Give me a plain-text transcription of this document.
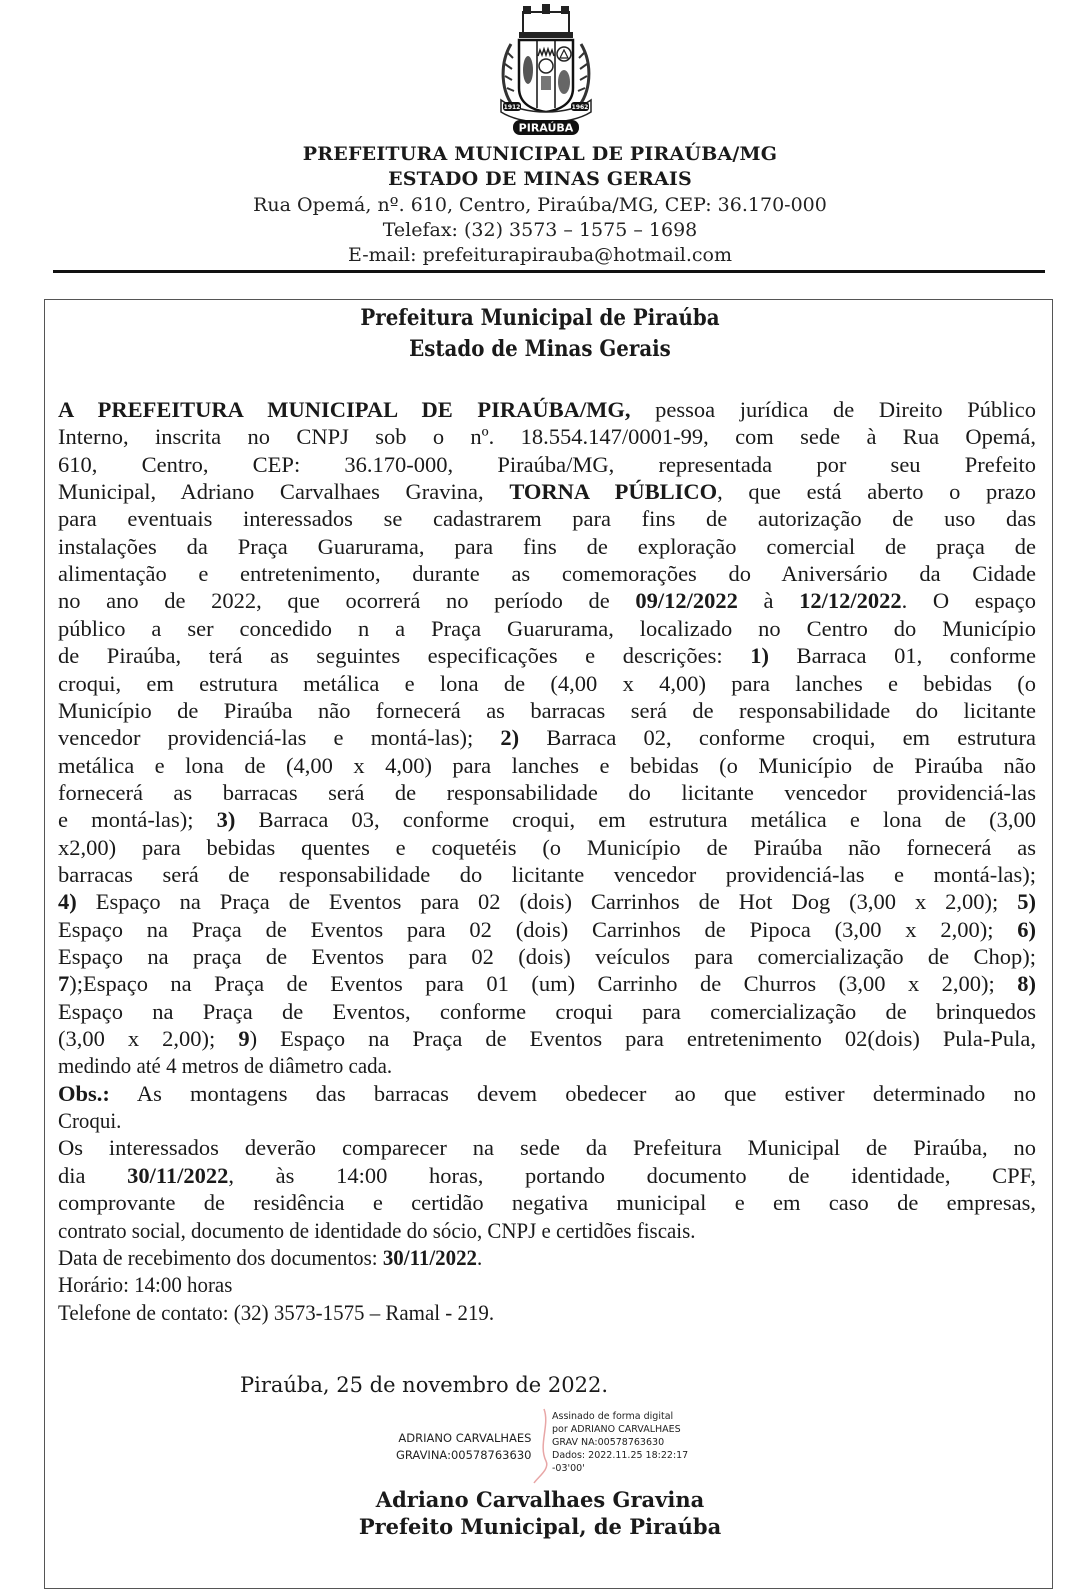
1912	1962
PIRAÚBA
PREFEITURA MUNICIPAL DE PIRAÚBA/MG
ESTADO DE MINAS GERAIS
Rua Opemá, nº. 610, Centro, Piraúba/MG, CEP: 36.170-000
Telefax: (32) 3573 – 1575 – 1698
E-mail: prefeiturapirauba@hotmail.com
Prefeitura Municipal de Piraúba
Estado de Minas Gerais
A PREFEITURA MUNICIPAL DE PIRAÚBA/MG, pessoa jurídica de Direito Público
Interno, inscrita no CNPJ sob o nº. 18.554.147/0001-99, com sede à Rua Opemá,
610, Centro, CEP: 36.170-000, Piraúba/MG, representada por seu Prefeito
Municipal, Adriano Carvalhaes Gravina, TORNA PÚBLICO, que está aberto o prazo
para eventuais interessados se cadastrarem para fins de autorização de uso das
instalações da Praça Guarurama, para fins de exploração comercial de praça de
alimentação e entretenimento, durante as comemorações do Aniversário da Cidade
no ano de 2022, que ocorrerá no período de 09/12/2022 à 12/12/2022. O espaço
público a ser concedido n a Praça Guarurama, localizado no Centro do Município
de Piraúba, terá as seguintes especificações e descrições: 1) Barraca 01, conforme
croqui, em estrutura metálica e lona de (4,00 x 4,00) para lanches e bebidas (o
Município de Piraúba não fornecerá as barracas será de responsabilidade do licitante
vencedor providenciá-las e montá-las); 2) Barraca 02, conforme croqui, em estrutura
metálica e lona de (4,00 x 4,00) para lanches e bebidas (o Município de Piraúba não
fornecerá as barracas será de responsabilidade do licitante vencedor providenciá-las
e montá-las); 3) Barraca 03, conforme croqui, em estrutura metálica e lona de (3,00
x2,00) para bebidas quentes e coquetéis (o Município de Piraúba não fornecerá as
barracas será de responsabilidade do licitante vencedor providenciá-las e montá-las);
4) Espaço na Praça de Eventos para 02 (dois) Carrinhos de Hot Dog (3,00 x 2,00); 5)
Espaço na Praça de Eventos para 02 (dois) Carrinhos de Pipoca (3,00 x 2,00); 6)
Espaço na praça de Eventos para 02 (dois) veículos para comercialização de Chop);
7);Espaço na Praça de Eventos para 01 (um) Carrinho de Churros (3,00 x 2,00); 8)
Espaço na Praça de Eventos, conforme croqui para comercialização de brinquedos
(3,00 x 2,00); 9) Espaço na Praça de Eventos para entretenimento 02(dois) Pula-Pula,
medindo até 4 metros de diâmetro cada.
Obs.: As montagens das barracas devem obedecer ao que estiver determinado no
Croqui.
Os interessados deverão comparecer na sede da Prefeitura Municipal de Piraúba, no
dia 30/11/2022, às 14:00 horas, portando documento de identidade, CPF,
comprovante de residência e certidão negativa municipal e em caso de empresas,
contrato social, documento de identidade do sócio, CNPJ e certidões fiscais.
Data de recebimento dos documentos: 30/11/2022.
Horário: 14:00 horas
Telefone de contato: (32) 3573-1575 – Ramal - 219.
Piraúba, 25 de novembro de 2022.
ADRIANO CARVALHAES
GRAVINA:00578763630
Assinado de forma digital
por ADRIANO CARVALHAES
GRAV NA:00578763630
Dados: 2022.11.25 18:22:17
-03'00'
Adriano Carvalhaes Gravina
Prefeito Municipal, de Piraúba
